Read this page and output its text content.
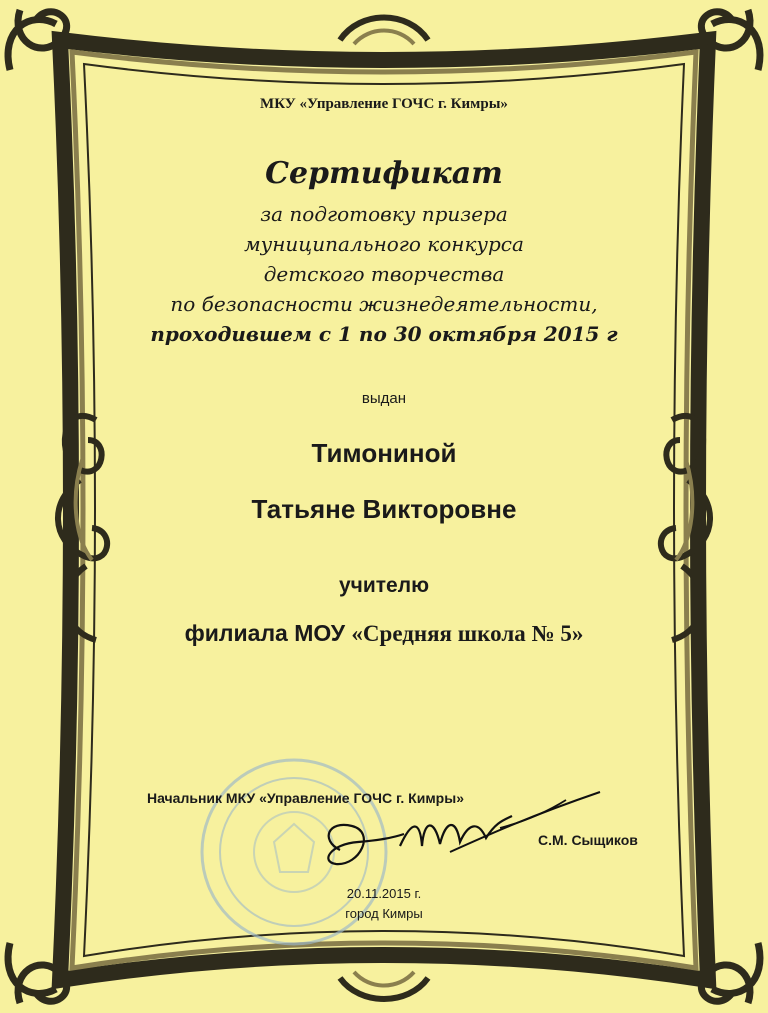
МКУ «Управление ГОЧС г. Кимры»
Сертификат
за подготовку призера
муниципального конкурса
детского творчества
по безопасности жизнедеятельности,
проходившем с 1 по 30 октября 2015 г
выдан
Тимониной
Татьяне Викторовне
учителю
филиала МОУ «Средняя школа № 5»
Начальник МКУ «Управление ГОЧС г. Кимры»
С.М. Сыщиков
20.11.2015 г.
город Кимры
